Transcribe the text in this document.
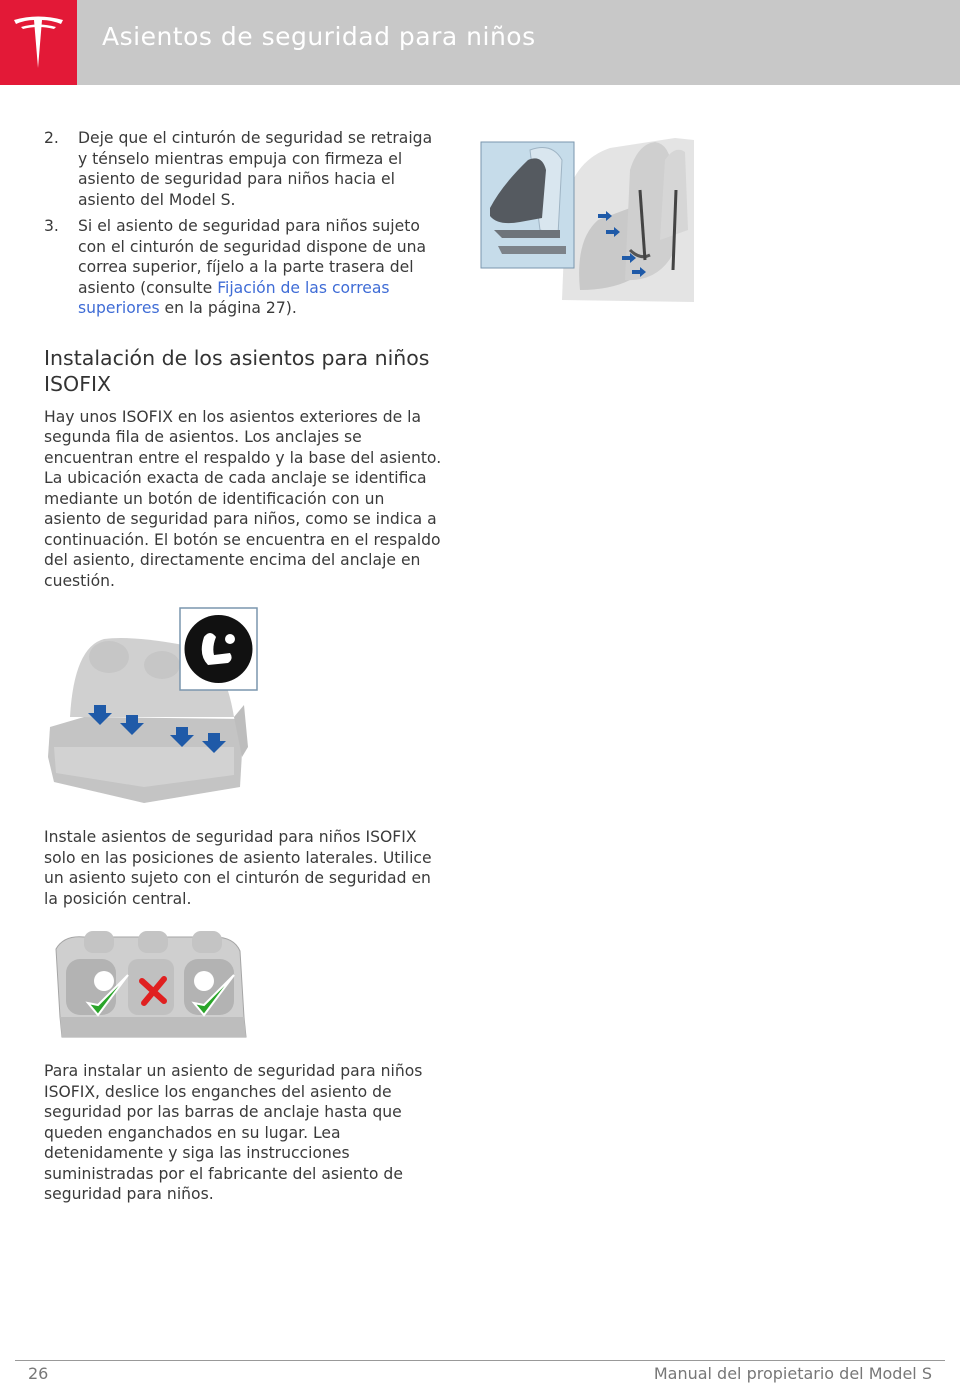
Asientos de seguridad para niños
2. Deje que el cinturón de seguridad se retraiga y ténselo mientras empuja con firmeza el asiento de seguridad para niños hacia el asiento del Model S.
3. Si el asiento de seguridad para niños sujeto con el cinturón de seguridad dispone de una correa superior, fíjelo a la parte trasera del asiento (consulte Fijación de las correas superiores en la página 27).
Instalación de los asientos para niños ISOFIX

Hay unos ISOFIX en los asientos exteriores de la segunda fila de asientos. Los anclajes se encuentran entre el respaldo y la base del asiento. La ubicación exacta de cada anclaje se identifica mediante un botón de identificación con un asiento de seguridad para niños, como se indica a continuación. El botón se encuentra en el respaldo del asiento, directamente encima del anclaje en cuestión.

Instale asientos de seguridad para niños ISOFIX solo en las posiciones de asiento laterales. Utilice un asiento sujeto con el cinturón de seguridad en la posición central.

Para instalar un asiento de seguridad para niños ISOFIX, deslice los enganches del asiento de seguridad por las barras de anclaje hasta que queden enganchados en su lugar. Lea detenidamente y siga las instrucciones suministradas por el fabricante del asiento de seguridad para niños.

26	Manual del propietario del Model S
